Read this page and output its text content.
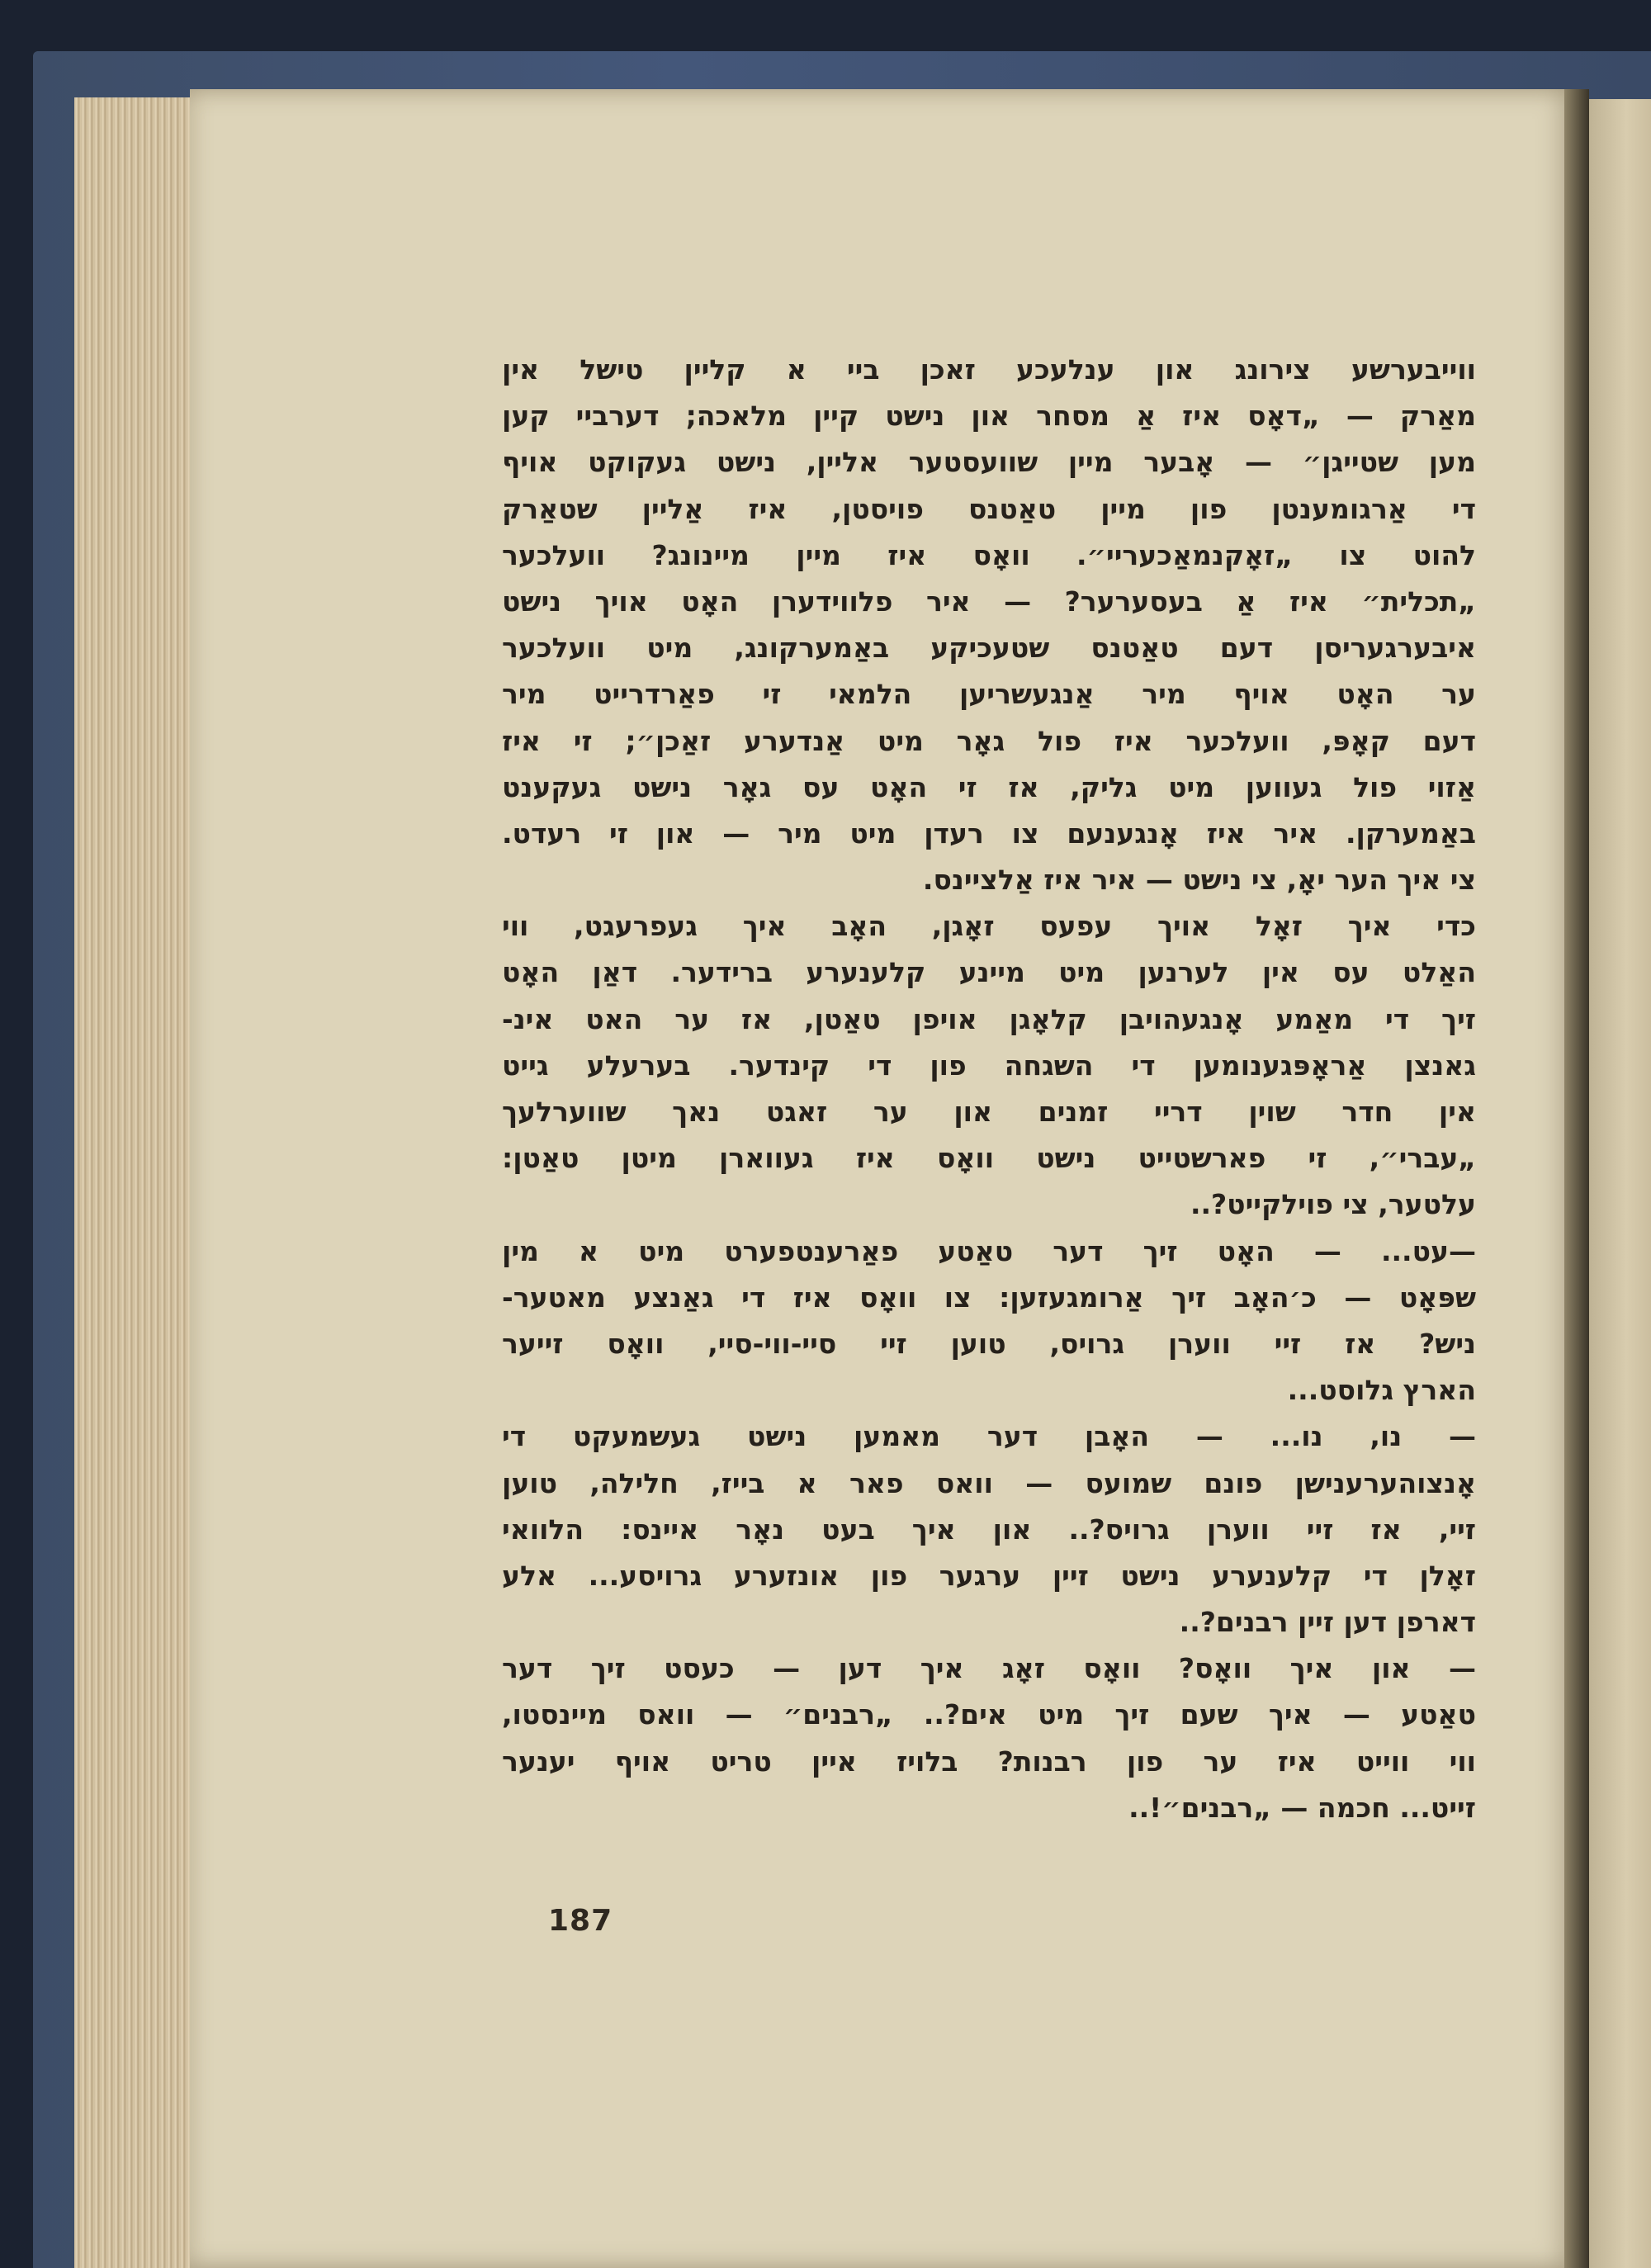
ווייבערשע צירונג און ענלעכע זאכן ביי א קליין טישל אין
מאַרק — „דאָס איז אַ מסחר און נישט קיין מלאכה; דערביי קען
מען שטייגן״ — אָבער מיין שוועסטער אליין, נישט געקוקט אויף
די אַרגומענטן פון מיין טאַטנס פויסטן, איז אַליין שטאַרק
להוט צו „זאָקנמאַכעריי״. וואָס איז מיין מיינונג? וועלכער
„תכלית״ איז אַ בעסערער? — איר פלווידערן האָט אויך נישט
איבערגעריסן דעם טאַטנס שטעכיקע באַמערקונג, מיט וועלכער
ער האָט אויף מיר אַנגעשריען הלמאי זי פאַרדרייט מיר
דעם קאָפּ, וועלכער איז פול גאָר מיט אַנדערע זאַכן״; זי איז
אַזוי פול געווען מיט גליק, אז זי האָט עס גאָר נישט געקענט
באַמערקן. איר איז אָנגענעם צו רעדן מיט מיר — און זי רעדט.
צי איך הער יאָ, צי נישט — איר איז אַלציינס.
כדי איך זאָל אויך עפעס זאָגן, האָב איך געפרעגט, ווי
האַלט עס אין לערנען מיט מיינע קלענערע ברידער. דאַן האָט
זיך די מאַמע אָנגעהויבן קלאָגן אויפן טאַטן, אז ער האט אינ-
גאנצן אַראָפּגענומען די השגחה פון די קינדער. בערעלע גייט
אין חדר שוין דריי זמנים און ער זאגט נאך שווערלעך
„עברי״, זי פארשטייט נישט וואָס איז געווארן מיטן טאַטן:
עלטער, צי פוילקייט?..
—עט... — האָט זיך דער טאַטע פאַרענטפערט מיט א מין
שפּאָט — כ׳האָב זיך אַרומגעזען: צו וואָס איז די גאַנצע מאטער-
ניש? אז זיי ווערן גרויס, טוען זיי סיי-ווי-סיי, וואָס זייער
הארץ גלוסט...
— נו, נו... — האָבן דער מאמען נישט געשמעקט די
אָנצוהערענישן פונם שמועס — וואס פאר א בייז, חלילה, טוען
זיי, אז זיי ווערן גרויס?.. און איך בעט נאָר איינס: הלוואי
זאָלן די קלענערע נישט זיין ערגער פון אונזערע גרויסע... אלע
דארפן דען זיין רבנים?..
— און איך וואָס? וואָס זאָג איך דען — כעסט זיך דער
טאַטע — איך שעם זיך מיט אים?.. „רבנים״ — וואס מיינסטו,
ווי ווייט איז ער פון רבנות? בלויז איין טריט אויף יענער
זייט... חכמה — „רבנים״!..
187
